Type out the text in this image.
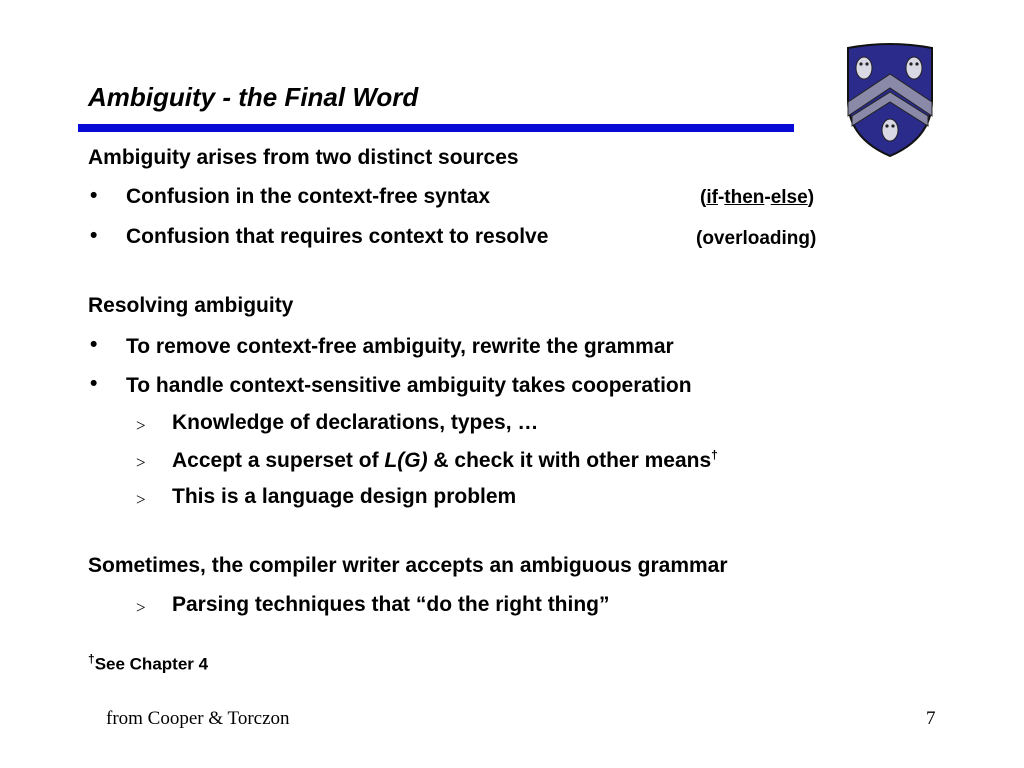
Ambiguity - the Final Word
Ambiguity arises from two distinct sources
• Confusion in the context-free syntax	(if-then-else)
• Confusion that requires context to resolve	(overloading)
Resolving ambiguity
• To remove context-free ambiguity, rewrite the grammar
• To handle context-sensitive ambiguity takes cooperation
> Knowledge of declarations, types, …
> Accept a superset of L(G) & check it with other means†
> This is a language design problem
Sometimes, the compiler writer accepts an ambiguous grammar
> Parsing techniques that “do the right thing”
†See Chapter 4
from Cooper & Torczon	7
